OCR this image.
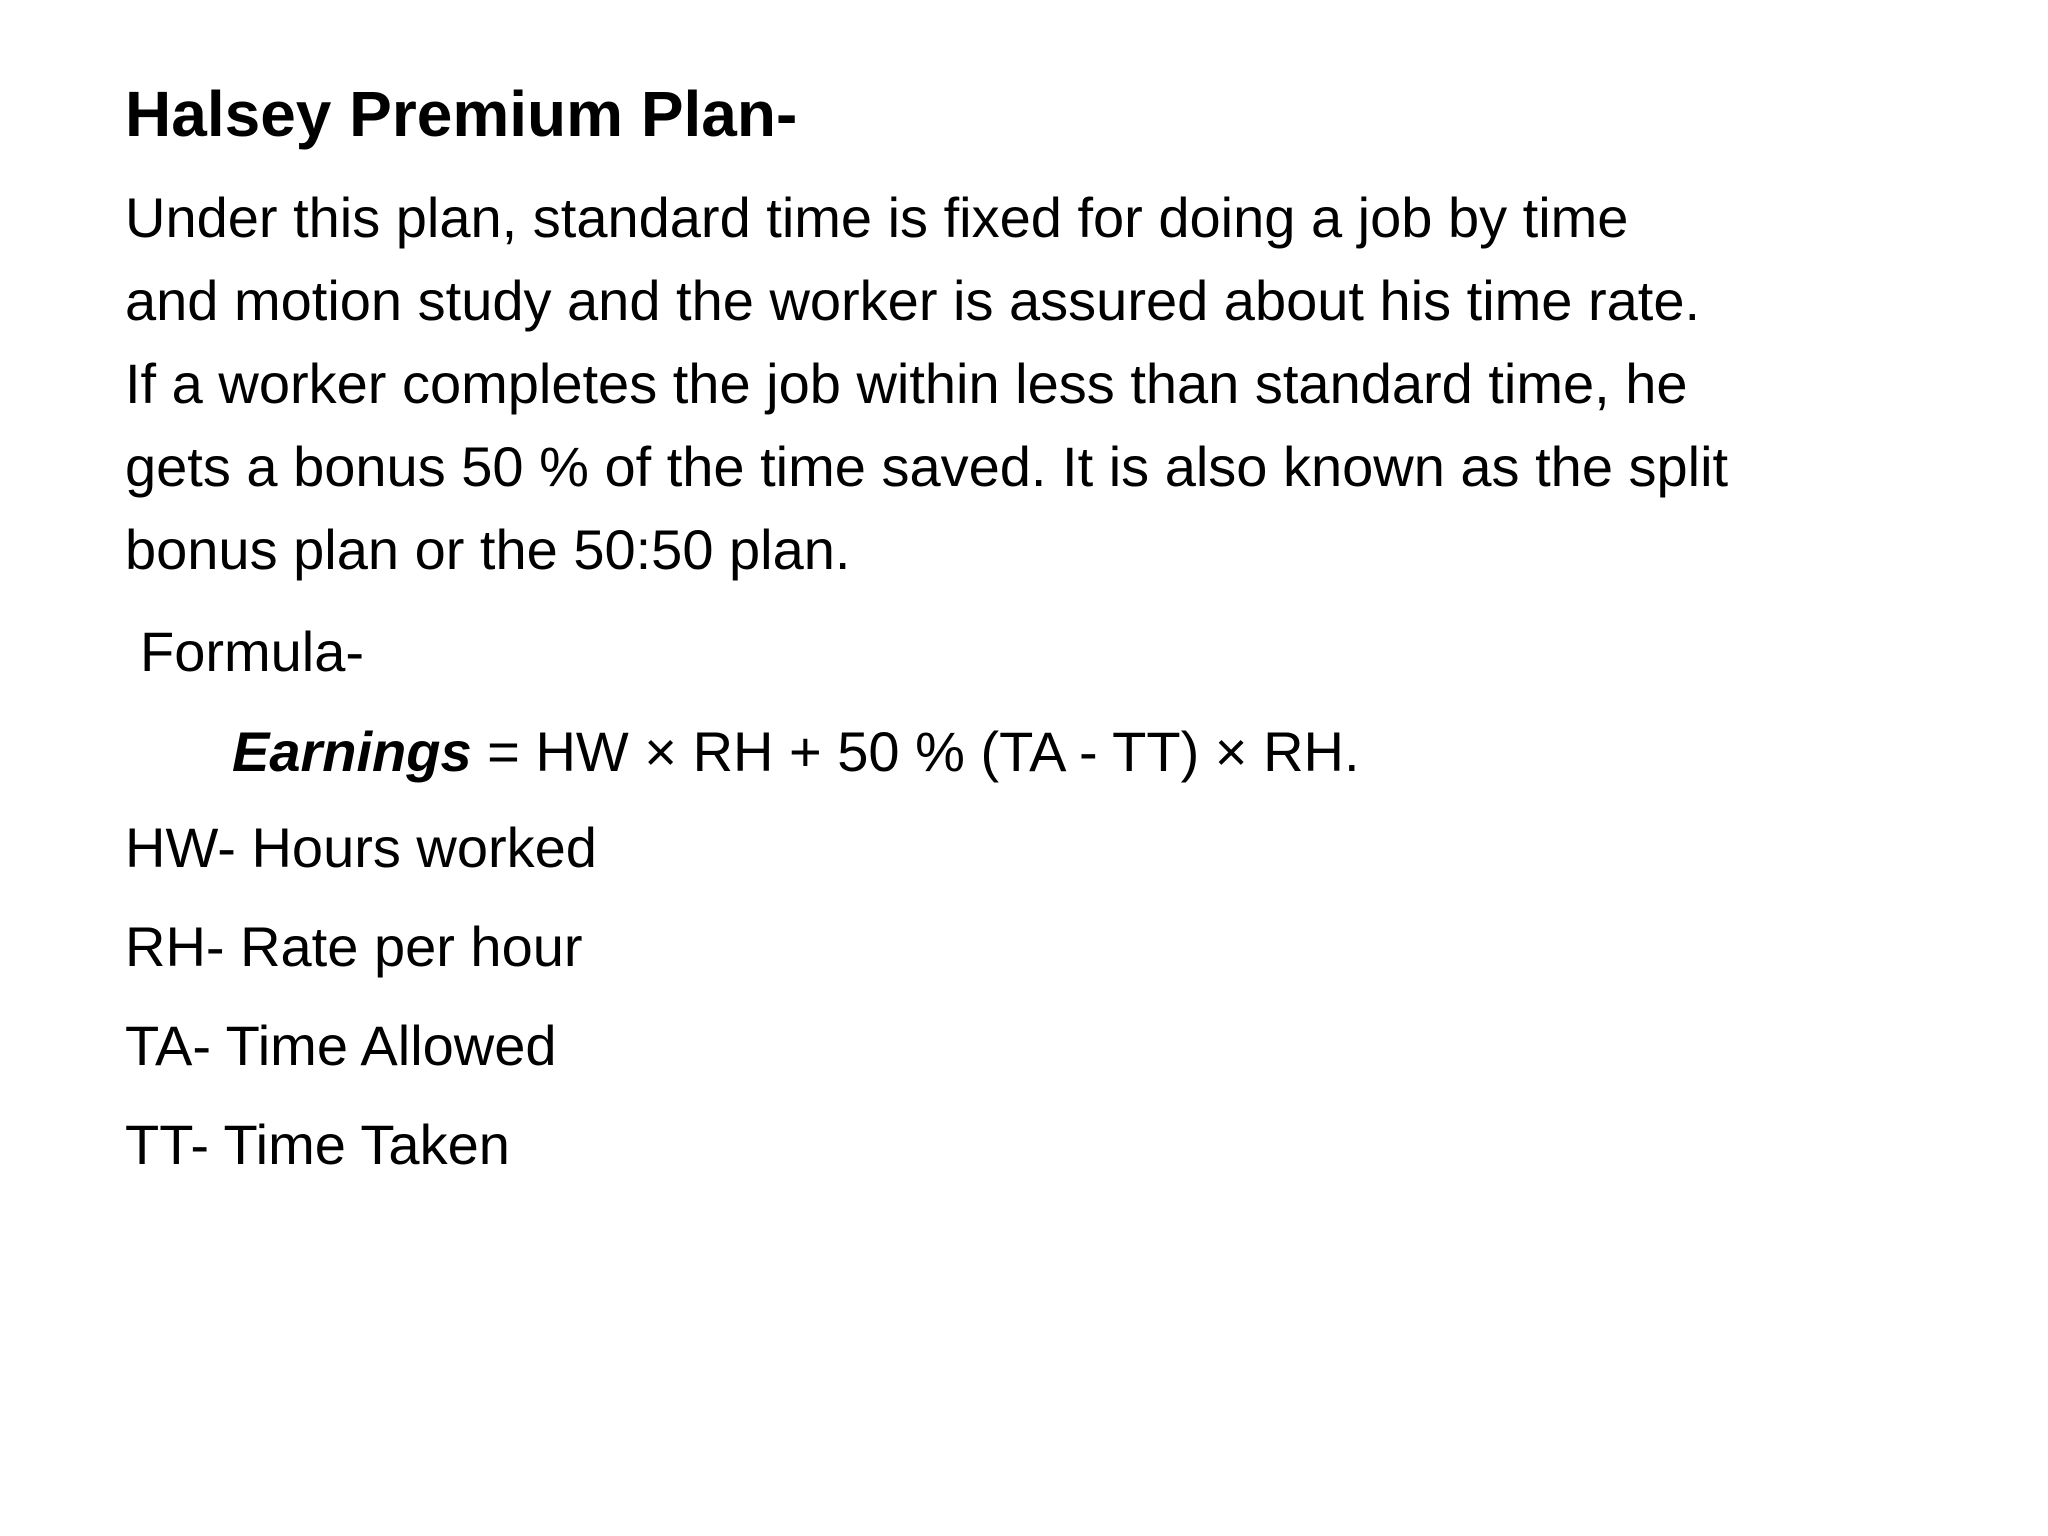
Halsey Premium Plan-
Under this plan, standard time is fixed for doing a job by time
and motion study and the worker is assured about his time rate.
If a worker completes the job within less than standard time, he
gets a bonus 50 % of the time saved. It is also known as the split
bonus plan or the 50:50 plan.
Formula-
Earnings = HW × RH + 50 % (TA - TT) × RH.
HW- Hours worked
RH- Rate per hour
TA- Time Allowed
TT- Time Taken
